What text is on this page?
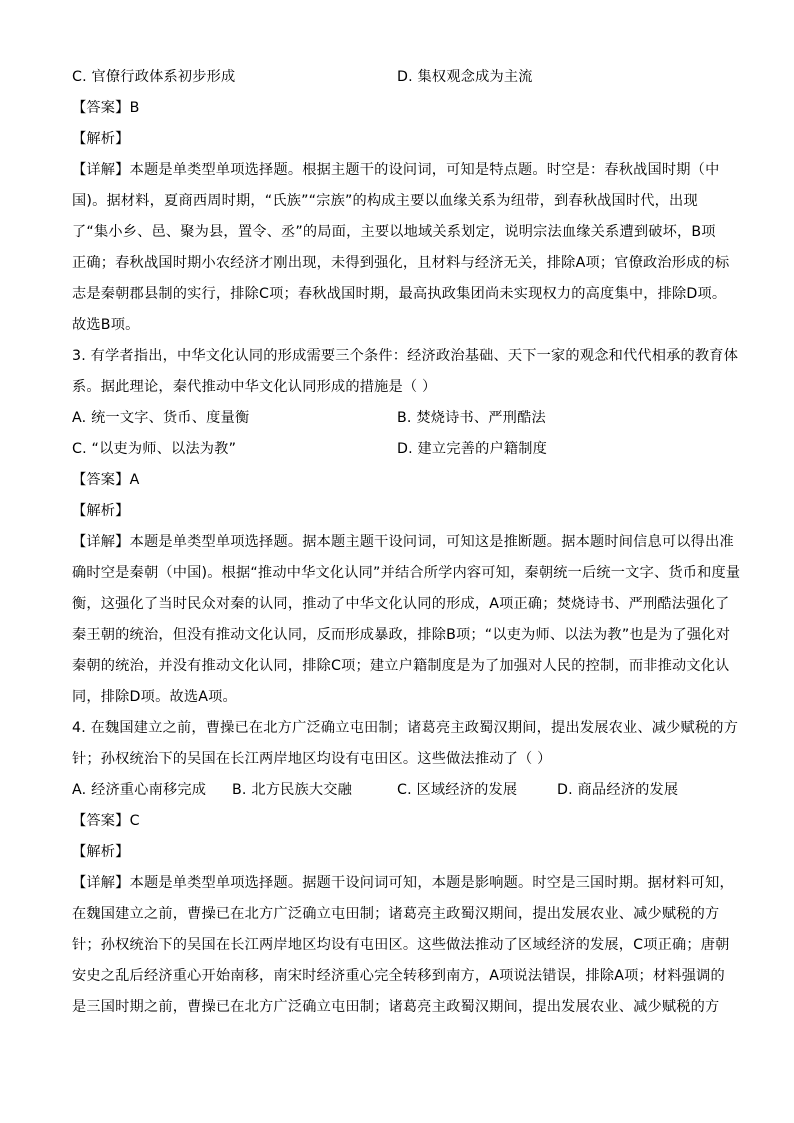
C. 官僚行政体系初步形成	D. 集权观念成为主流
【答案】B
【解析】
【详解】本题是单类型单项选择题。根据主题干的设问词，可知是特点题。时空是：春秋战国时期（中
国)。据材料，夏商西周时期，“氏族”“宗族”的构成主要以血缘关系为纽带，到春秋战国时代，出现
了“集小乡、邑、聚为县，置令、丞”的局面，主要以地域关系划定，说明宗法血缘关系遭到破坏，B项
正确；春秋战国时期小农经济才刚出现，未得到强化，且材料与经济无关，排除A项；官僚政治形成的标
志是秦朝郡县制的实行，排除C项；春秋战国时期，最高执政集团尚未实现权力的高度集中，排除D项。
故选B项。
3. 有学者指出，中华文化认同的形成需要三个条件：经济政治基础、天下一家的观念和代代相承的教育体
系。据此理论，秦代推动中华文化认同形成的措施是（ ）
A. 统一文字、货币、度量衡	B. 焚烧诗书、严刑酷法
C. “以吏为师、以法为教”	D. 建立完善的户籍制度
【答案】A
【解析】
【详解】本题是单类型单项选择题。据本题主题干设问词，可知这是推断题。据本题时间信息可以得出准
确时空是秦朝（中国)。根据“推动中华文化认同”并结合所学内容可知，秦朝统一后统一文字、货币和度量
衡，这强化了当时民众对秦的认同，推动了中华文化认同的形成，A项正确；焚烧诗书、严刑酷法强化了
秦王朝的统治，但没有推动文化认同，反而形成暴政，排除B项；“以吏为师、以法为教”也是为了强化对
秦朝的统治，并没有推动文化认同，排除C项；建立户籍制度是为了加强对人民的控制，而非推动文化认
同，排除D项。故选A项。
4. 在魏国建立之前，曹操已在北方广泛确立屯田制；诸葛亮主政蜀汉期间，提出发展农业、减少赋税的方
针；孙权统治下的吴国在长江两岸地区均设有屯田区。这些做法推动了（ ）
A. 经济重心南移完成 B. 北方民族大交融	C. 区域经济的发展	D. 商品经济的发展
【答案】C
【解析】
【详解】本题是单类型单项选择题。据题干设问词可知，本题是影响题。时空是三国时期。据材料可知，
在魏国建立之前，曹操已在北方广泛确立屯田制；诸葛亮主政蜀汉期间，提出发展农业、减少赋税的方
针；孙权统治下的吴国在长江两岸地区均设有屯田区。这些做法推动了区域经济的发展，C项正确；唐朝
安史之乱后经济重心开始南移，南宋时经济重心完全转移到南方，A项说法错误，排除A项；材料强调的
是三国时期之前，曹操已在北方广泛确立屯田制；诸葛亮主政蜀汉期间，提出发展农业、减少赋税的方
